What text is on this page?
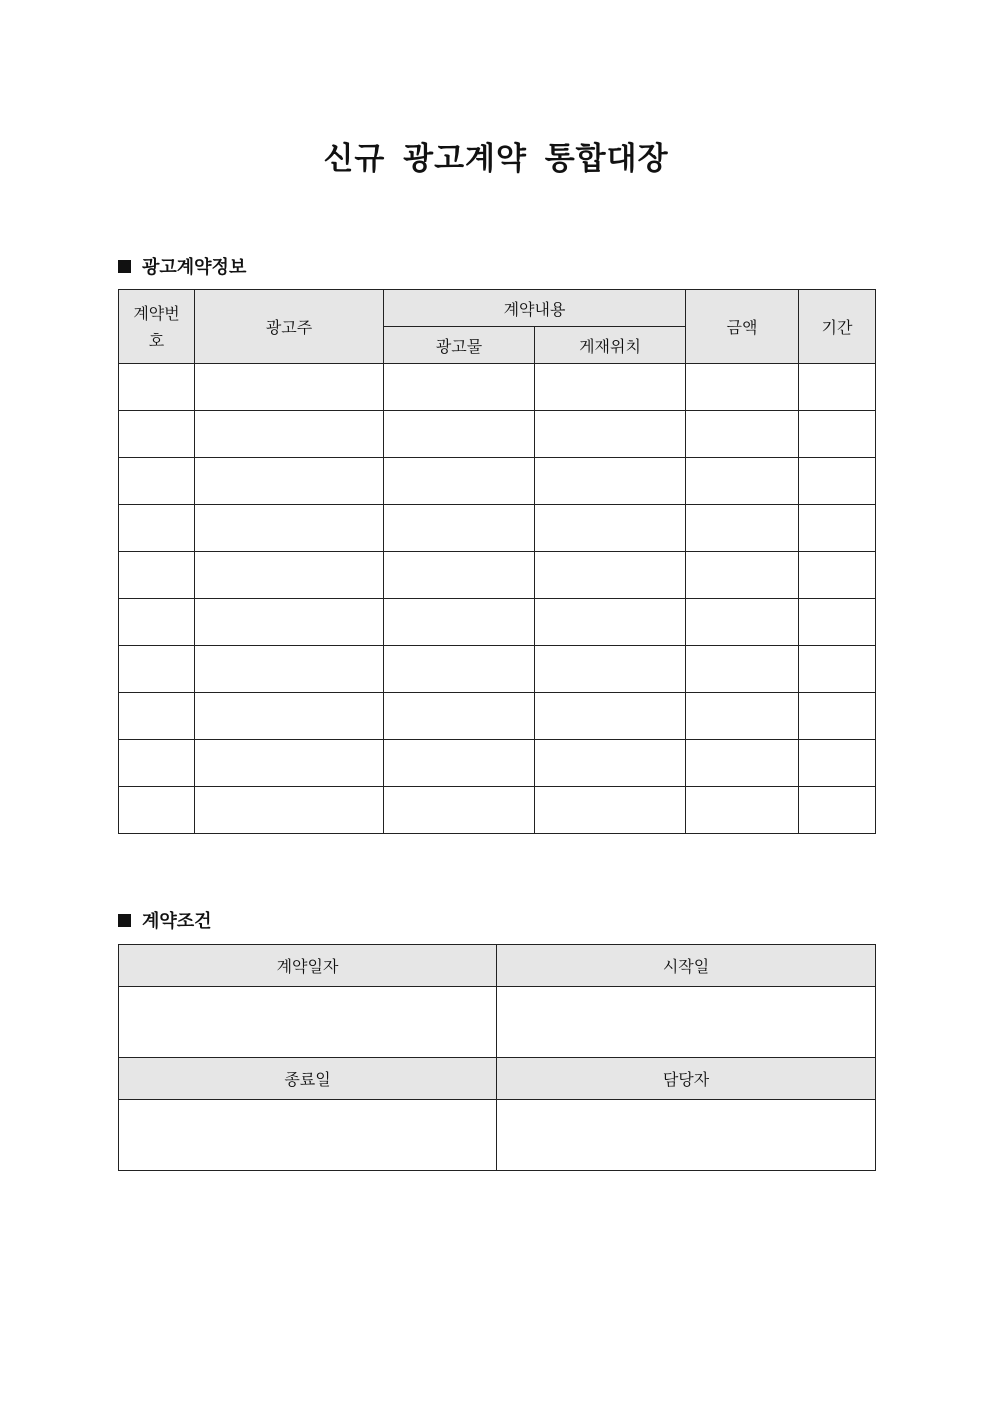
신규 광고계약 통합대장
광고계약정보
계약번호	광고주	계약내용		금액	기간
		광고물	게재위치		

계약조건
계약일자	시작일

종료일	담당자
